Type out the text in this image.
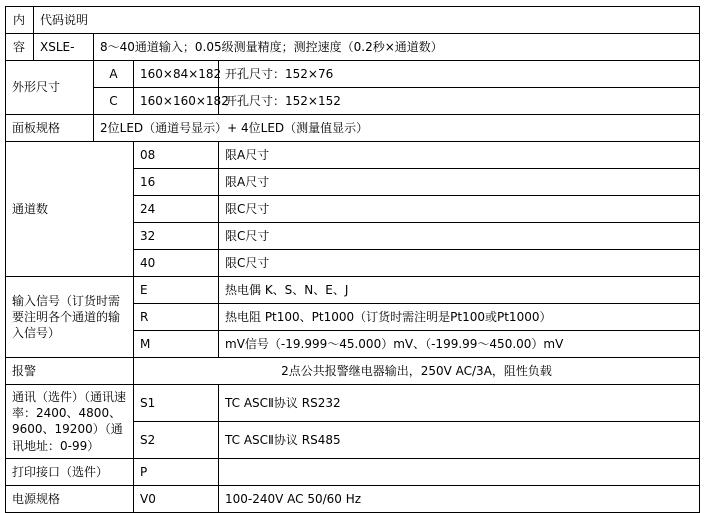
内	代码说明			
容	XSLE-	8～40通道输入；0.05级测量精度；测控速度（0.2秒×通道数）		
外形尺寸		A	160×84×182	开孔尺寸：152×76
		C	160×160×182	开孔尺寸：152×152
面板规格		2位LED（通道号显示）+ 4位LED（测量值显示）		
通道数			08	限A尺寸
			16	限A尺寸
			24	限C尺寸
			32	限C尺寸
			40	限C尺寸
输入信号（订货时需要注明各个通道的输入信号）			E	热电偶 K、S、N、E、J
			R	热电阻 Pt100、Pt1000（订货时需注明是Pt100或Pt1000）
			M	mV信号（-19.999～45.000）mV、（-199.99～450.00）mV
报警			2点公共报警继电器输出，250V AC/3A，阻性负载	
通讯（选件）（通讯速率：2400、4800、9600、19200）（通讯地址：0-99）			S1	TC ASCⅡ协议 RS232
			S2	TC ASCⅡ协议 RS485
打印接口（选件）			P	
电源规格			V0	100-240V AC 50/60 Hz
